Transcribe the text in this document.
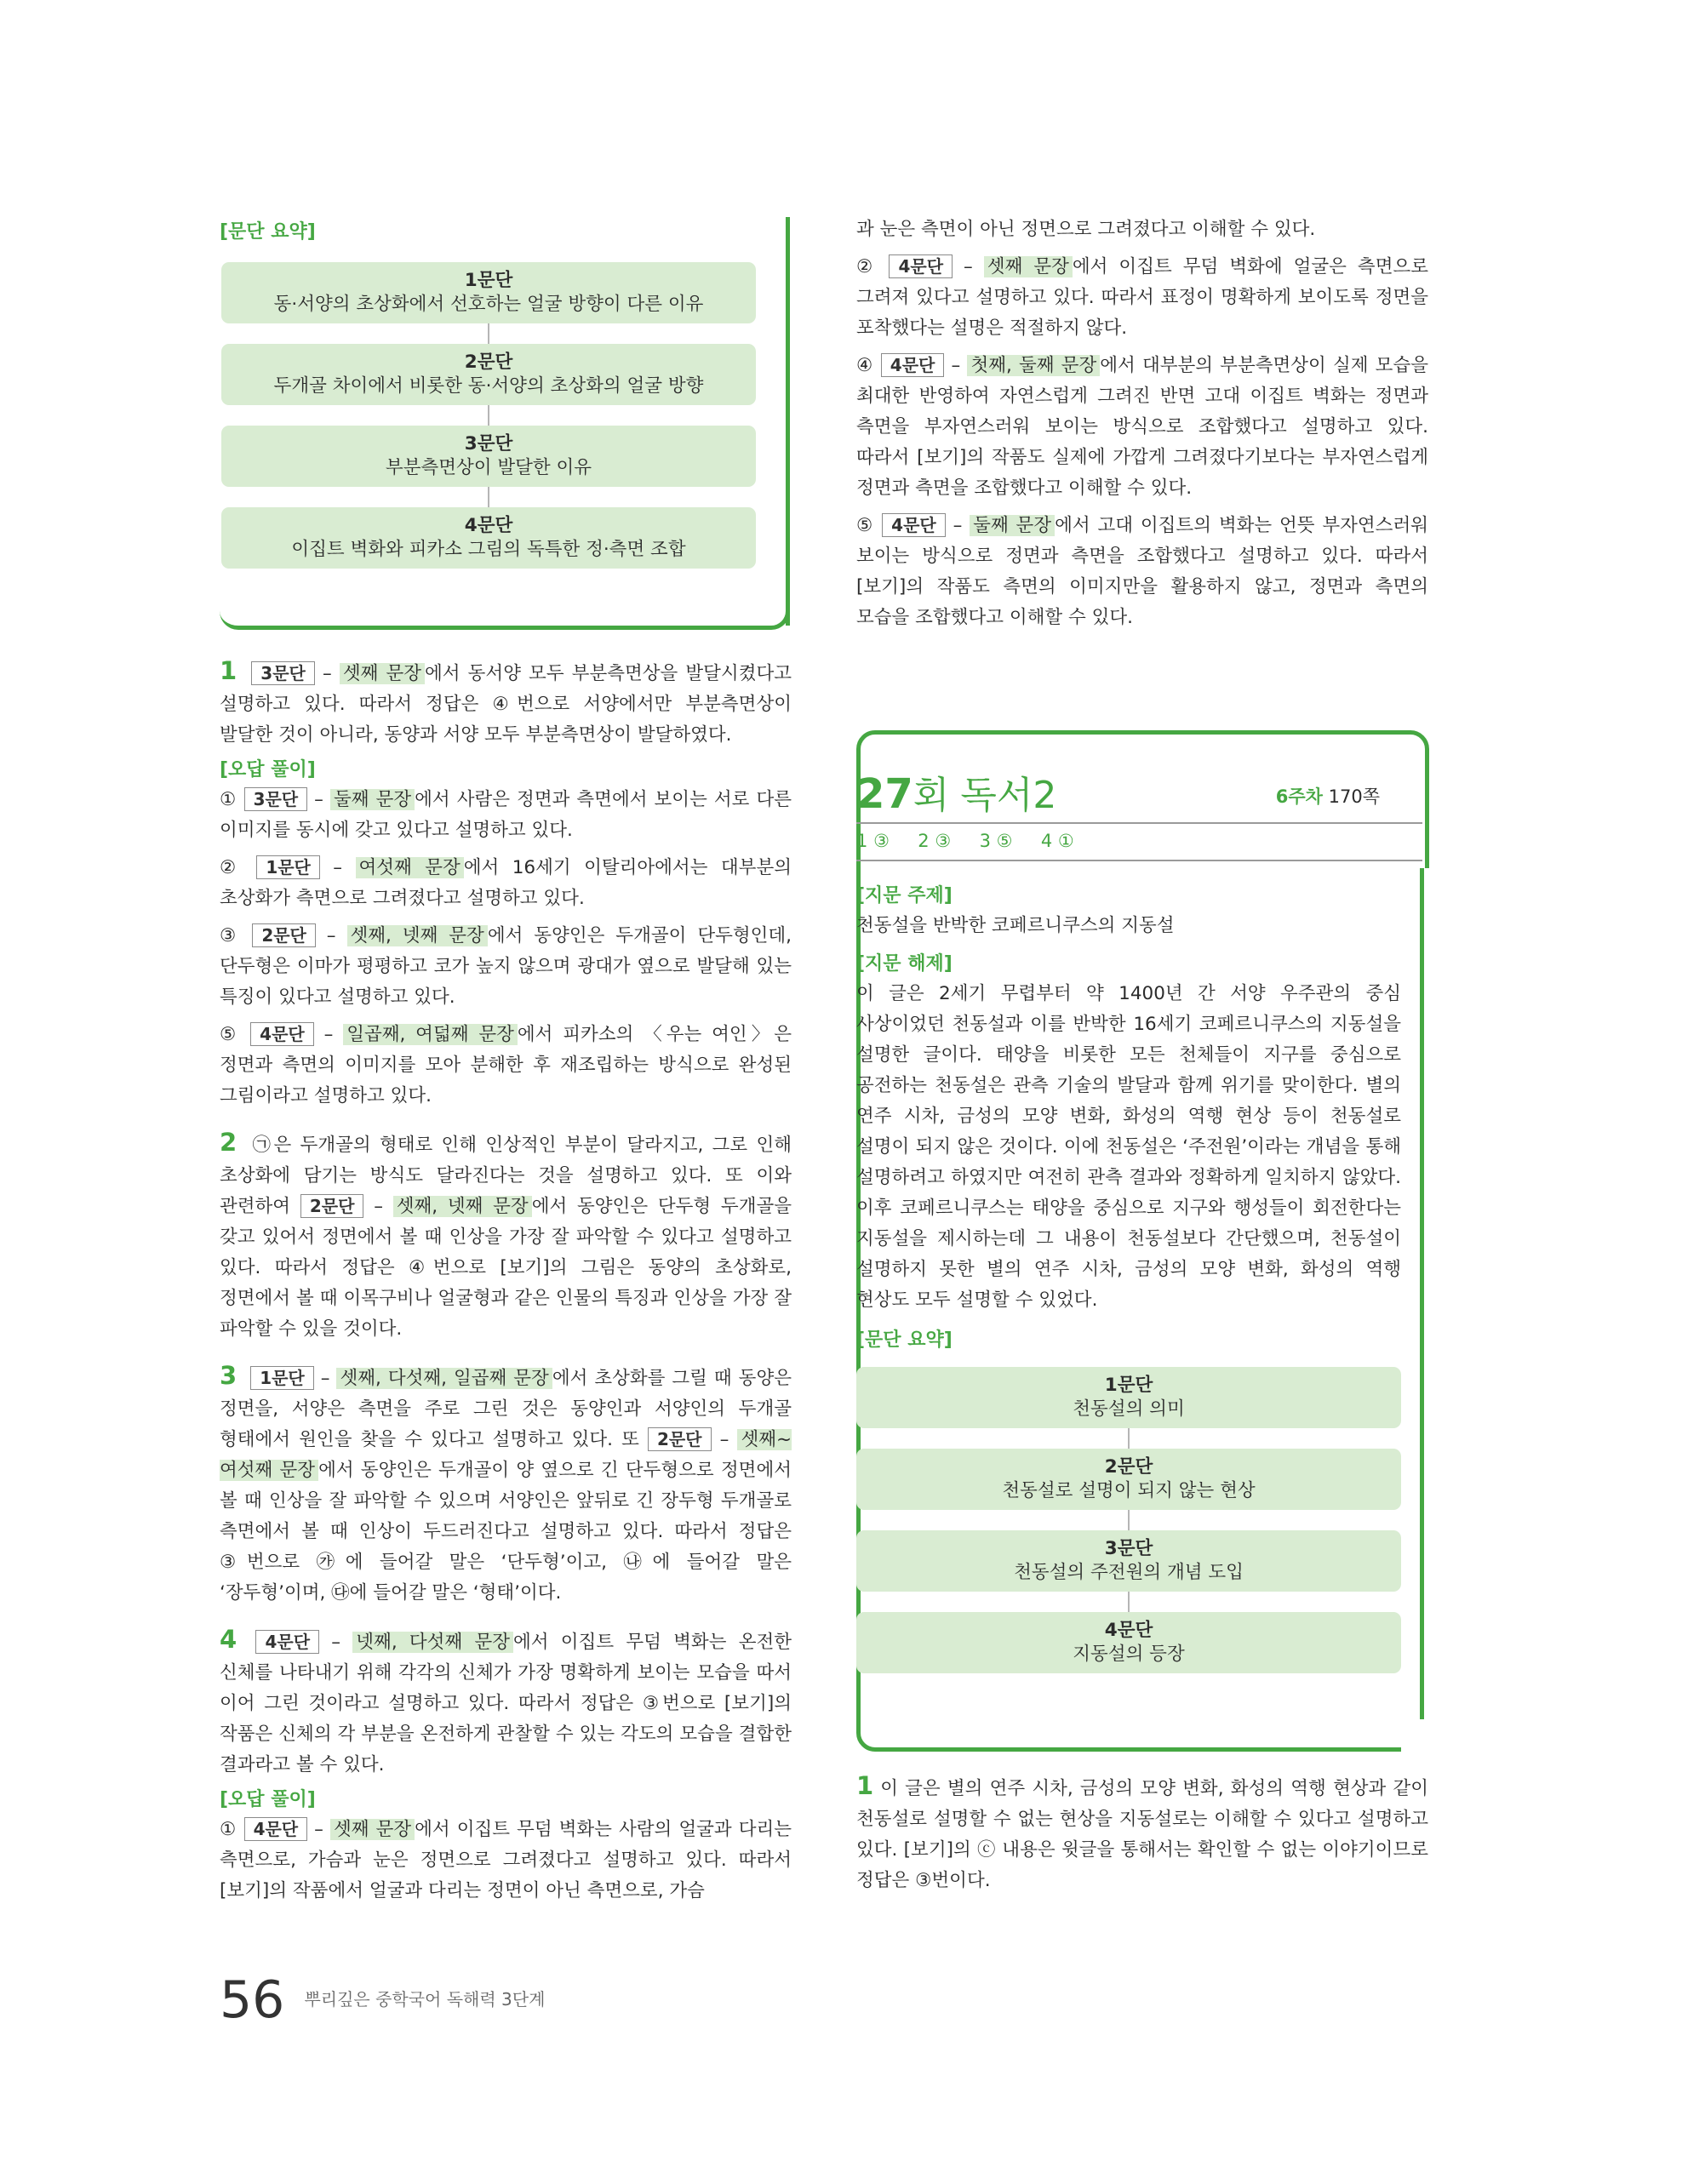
[문단 요약]
1문단
동·서양의 초상화에서 선호하는 얼굴 방향이 다른 이유
2문단
두개골 차이에서 비롯한 동·서양의 초상화의 얼굴 방향
3문단
부분측면상이 발달한 이유
4문단
이집트 벽화와 피카소 그림의 독특한 정·측면 조합

1 3문단 – 셋째 문장 에서 동서양 모두 부분측면상을 발달시켰다고 설명하고 있다. 따라서 정답은 ④번으로 서양에서만 부분측면상이 발달한 것이 아니라, 동양과 서양 모두 부분측면상이 발달하였다.

[오답 풀이]

① 3문단 – 둘째 문장 에서 사람은 정면과 측면에서 보이는 서로 다른 이미지를 동시에 갖고 있다고 설명하고 있다.

② 1문단 – 여섯째 문장 에서 16세기 이탈리아에서는 대부분의 초상화가 측면으로 그려졌다고 설명하고 있다.

③ 2문단 – 셋째, 넷째 문장 에서 동양인은 두개골이 단두형인데, 단두형은 이마가 평평하고 코가 높지 않으며 광대가 옆으로 발달해 있는 특징이 있다고 설명하고 있다.

⑤ 4문단 – 일곱째, 여덟째 문장 에서 피카소의 〈우는 여인〉은 정면과 측면의 이미지를 모아 분해한 후 재조립하는 방식으로 완성된 그림이라고 설명하고 있다.

2 ㉠은 두개골의 형태로 인해 인상적인 부분이 달라지고, 그로 인해 초상화에 담기는 방식도 달라진다는 것을 설명하고 있다. 또 이와 관련하여 2문단 – 셋째, 넷째 문장 에서 동양인은 단두형 두개골을 갖고 있어서 정면에서 볼 때 인상을 가장 잘 파악할 수 있다고 설명하고 있다. 따라서 정답은 ④번으로 [보기]의 그림은 동양의 초상화로, 정면에서 볼 때 이목구비나 얼굴형과 같은 인물의 특징과 인상을 가장 잘 파악할 수 있을 것이다.

3 1문단 – 셋째, 다섯째, 일곱째 문장 에서 초상화를 그릴 때 동양은 정면을, 서양은 측면을 주로 그린 것은 동양인과 서양인의 두개골 형태에서 원인을 찾을 수 있다고 설명하고 있다. 또 2문단 – 셋째~여섯째 문장 에서 동양인은 두개골이 양 옆으로 긴 단두형으로 정면에서 볼 때 인상을 잘 파악할 수 있으며 서양인은 앞뒤로 긴 장두형 두개골로 측면에서 볼 때 인상이 두드러진다고 설명하고 있다. 따라서 정답은 ③번으로 ㉮에 들어갈 말은 ‘단두형’이고, ㉯에 들어갈 말은 ‘장두형’이며, ㉰에 들어갈 말은 ‘형태’이다.

4 4문단 – 넷째, 다섯째 문장 에서 이집트 무덤 벽화는 온전한 신체를 나타내기 위해 각각의 신체가 가장 명확하게 보이는 모습을 따서 이어 그린 것이라고 설명하고 있다. 따라서 정답은 ③번으로 [보기]의 작품은 신체의 각 부분을 온전하게 관찰할 수 있는 각도의 모습을 결합한 결과라고 볼 수 있다.

[오답 풀이]

① 4문단 – 셋째 문장 에서 이집트 무덤 벽화는 사람의 얼굴과 다리는 측면으로, 가슴과 눈은 정면으로 그려졌다고 설명하고 있다. 따라서 [보기]의 작품에서 얼굴과 다리는 정면이 아닌 측면으로, 가슴

과 눈은 측면이 아닌 정면으로 그려졌다고 이해할 수 있다.

② 4문단 – 셋째 문장 에서 이집트 무덤 벽화에 얼굴은 측면으로 그려져 있다고 설명하고 있다. 따라서 표정이 명확하게 보이도록 정면을 포착했다는 설명은 적절하지 않다.

④ 4문단 – 첫째, 둘째 문장 에서 대부분의 부분측면상이 실제 모습을 최대한 반영하여 자연스럽게 그려진 반면 고대 이집트 벽화는 정면과 측면을 부자연스러워 보이는 방식으로 조합했다고 설명하고 있다. 따라서 [보기]의 작품도 실제에 가깝게 그려졌다기보다는 부자연스럽게 정면과 측면을 조합했다고 이해할 수 있다.

⑤ 4문단 – 둘째 문장 에서 고대 이집트의 벽화는 언뜻 부자연스러워 보이는 방식으로 정면과 측면을 조합했다고 설명하고 있다. 따라서 [보기]의 작품도 측면의 이미지만을 활용하지 않고, 정면과 측면의 모습을 조합했다고 이해할 수 있다.

27회 독서2	6주차 170쪽
1 ③ 2 ③ 3 ⑤ 4 ①
[지문 주제]

천동설을 반박한 코페르니쿠스의 지동설

[지문 해제]

이 글은 2세기 무렵부터 약 1400년 간 서양 우주관의 중심 사상이었던 천동설과 이를 반박한 16세기 코페르니쿠스의 지동설을 설명한 글이다. 태양을 비롯한 모든 천체들이 지구를 중심으로 공전하는 천동설은 관측 기술의 발달과 함께 위기를 맞이한다. 별의 연주 시차, 금성의 모양 변화, 화성의 역행 현상 등이 천동설로 설명이 되지 않은 것이다. 이에 천동설은 ‘주전원’이라는 개념을 통해 설명하려고 하였지만 여전히 관측 결과와 정확하게 일치하지 않았다. 이후 코페르니쿠스는 태양을 중심으로 지구와 행성들이 회전한다는 지동설을 제시하는데 그 내용이 천동설보다 간단했으며, 천동설이 설명하지 못한 별의 연주 시차, 금성의 모양 변화, 화성의 역행 현상도 모두 설명할 수 있었다.

[문단 요약]
1문단
천동설의 의미
2문단
천동설로 설명이 되지 않는 현상
3문단
천동설의 주전원의 개념 도입
4문단
지동설의 등장

1 이 글은 별의 연주 시차, 금성의 모양 변화, 화성의 역행 현상과 같이 천동설로 설명할 수 없는 현상을 지동설로는 이해할 수 있다고 설명하고 있다. [보기]의 ⓒ 내용은 윗글을 통해서는 확인할 수 없는 이야기이므로 정답은 ③번이다.

56 뿌리깊은 중학국어 독해력 3단계
